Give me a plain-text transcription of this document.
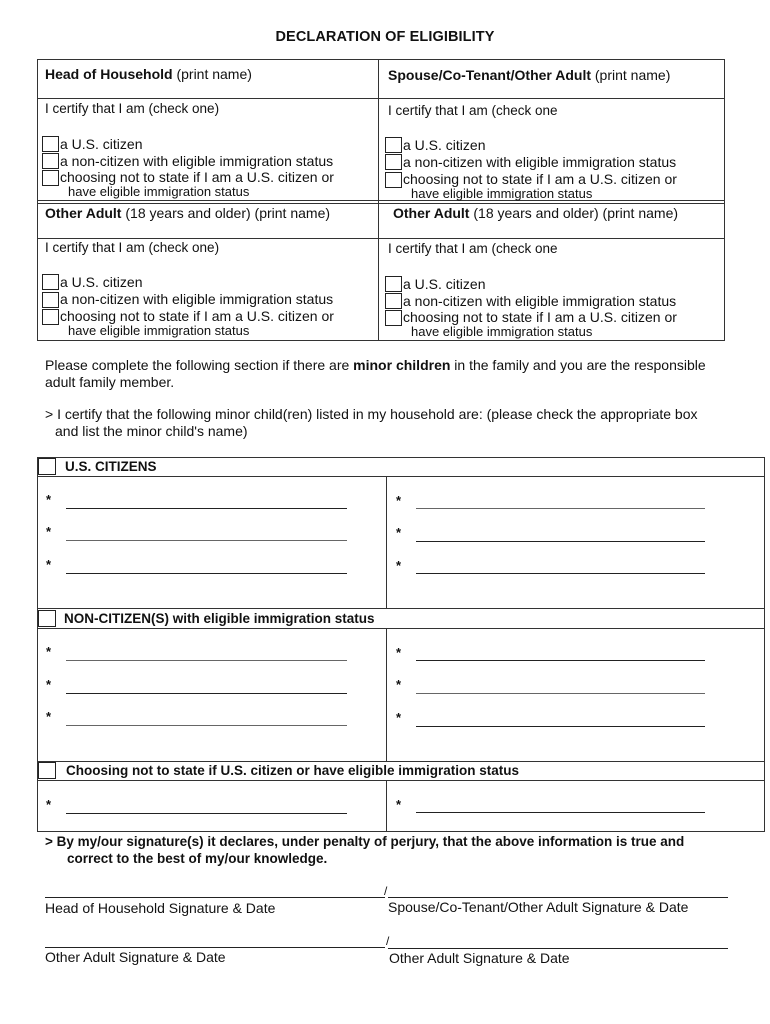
DECLARATION OF ELIGIBILITY
Head of Household (print name)
I certify that I am (check one)
a U.S. citizen
a non-citizen with eligible immigration status
choosing not to state if I am a U.S. citizen or
have eligible immigration status
Spouse/Co-Tenant/Other Adult (print name)
I certify that I am (check one
a U.S. citizen
a non-citizen with eligible immigration status
choosing not to state if I am a U.S. citizen or
have eligible immigration status
Other Adult (18 years and older) (print name)
I certify that I am (check one)
a U.S. citizen
a non-citizen with eligible immigration status
choosing not to state if I am a U.S. citizen or
have eligible immigration status
Other Adult (18 years and older) (print name)
I certify that I am (check one
a U.S. citizen
a non-citizen with eligible immigration status
choosing not to state if I am a U.S. citizen or
have eligible immigration status
Please complete the following section if there are minor children in the family and you are the responsible
adult family member.
> I certify that the following minor child(ren) listed in my household are: (please check the appropriate box
and list the minor child's name)
U.S. CITIZENS
*
*
*
*
*
*
NON-CITIZEN(S) with eligible immigration status
*
*
*
*
*
*
Choosing not to state if U.S. citizen or have eligible immigration status
*	*
> By my/our signature(s) it declares, under penalty of perjury, that the above information is true and
correct to the best of my/our knowledge.
/
Head of Household Signature & Date	Spouse/Co-Tenant/Other Adult Signature & Date
/
Other Adult Signature & Date	Other Adult Signature & Date
